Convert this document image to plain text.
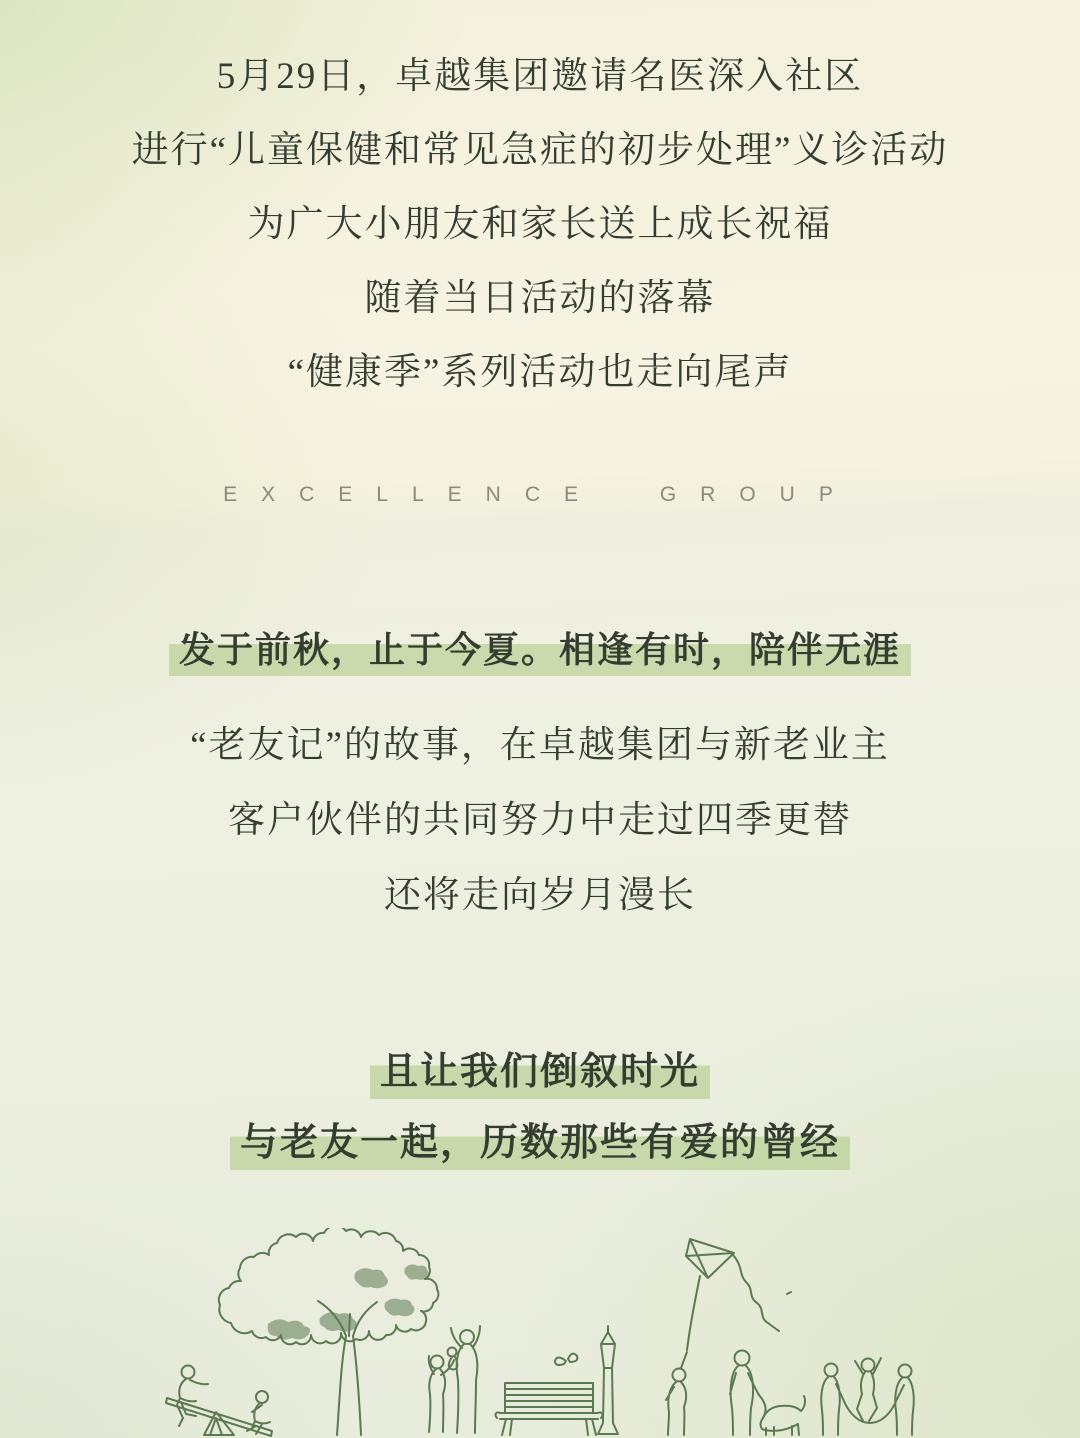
5月29日，卓越集团邀请名医深入社区
进行“儿童保健和常见急症的初步处理”义诊活动
为广大小朋友和家长送上成长祝福
随着当日活动的落幕
“健康季”系列活动也走向尾声
EXCELLENCE GROUP
发于前秋，止于今夏。相逢有时，陪伴无涯
“老友记”的故事，在卓越集团与新老业主
客户伙伴的共同努力中走过四季更替
还将走向岁月漫长
且让我们倒叙时光
与老友一起，历数那些有爱的曾经
